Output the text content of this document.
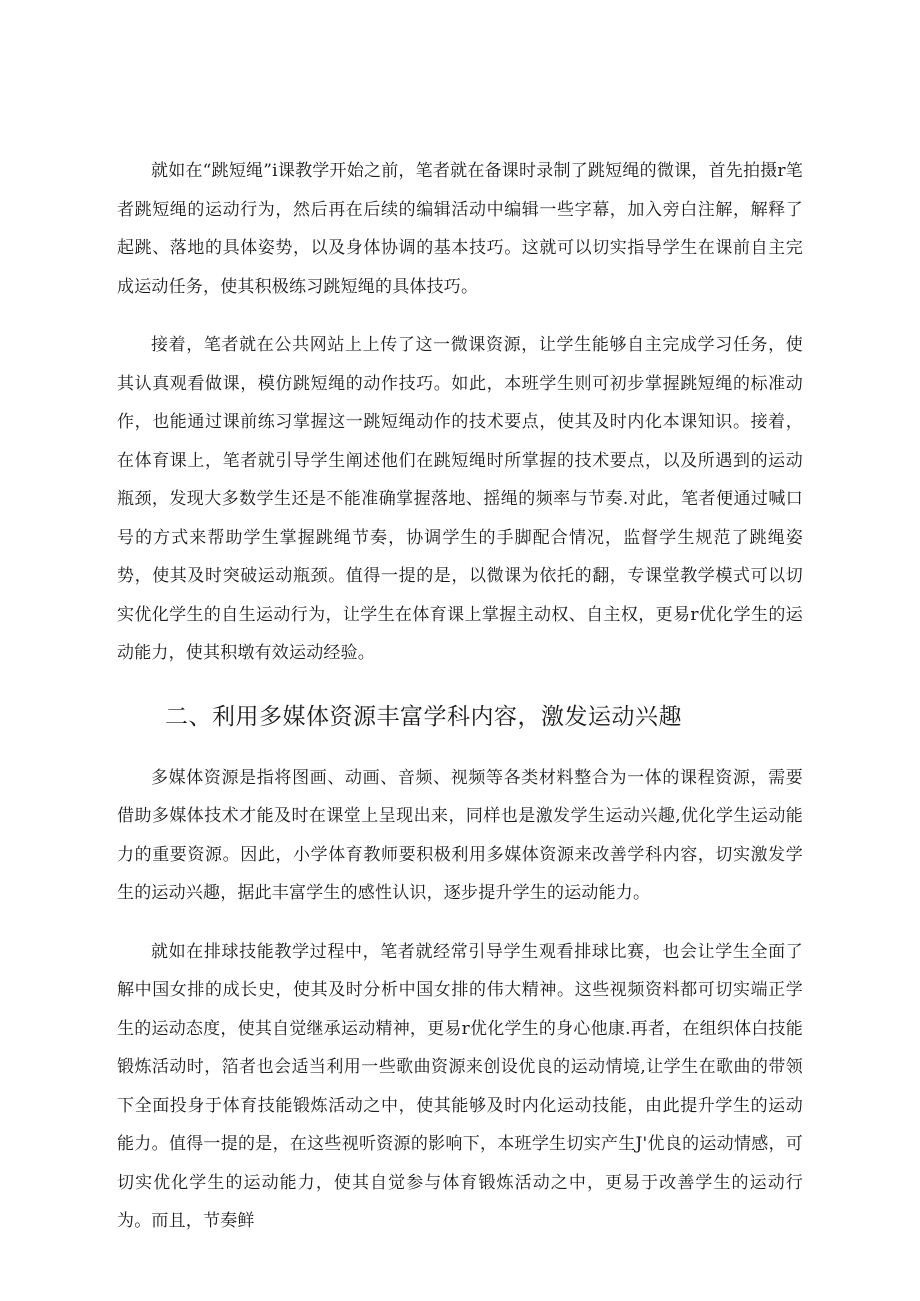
就如在“跳短绳”i课教学开始之前，笔者就在备课时录制了跳短绳的微课，首先拍摄r笔者跳短绳的运动行为，然后再在后续的编辑活动中编辑一些字幕，加入旁白注解，解释了起跳、落地的具体姿势，以及身体协调的基本技巧。这就可以切实指导学生在课前自主完成运动任务，使其积极练习跳短绳的具体技巧。

接着，笔者就在公共网站上上传了这一微课资源，让学生能够自主完成学习任务，使其认真观看做课，模仿跳短绳的动作技巧。如此，本班学生则可初步掌握跳短绳的标准动作，也能通过课前练习掌握这一跳短绳动作的技术要点，使其及时内化本课知识。接着，在体育课上，笔者就引导学生阐述他们在跳短绳时所掌握的技术要点，以及所遇到的运动瓶颈，发现大多数学生还是不能准确掌握落地、摇绳的频率与节奏.对此，笔者便通过喊口号的方式来帮助学生掌握跳绳节奏，协调学生的手脚配合情况，监督学生规范了跳绳姿势，使其及时突破运动瓶颈。值得一提的是，以微课为依托的翻，专课堂教学模式可以切实优化学生的自生运动行为，让学生在体育课上掌握主动权、自主权，更易r优化学生的运动能力，使其积墩有效运动经验。

二、利用多媒体资源丰富学科内容，激发运动兴趣

多媒体资源是指将图画、动画、音频、视频等各类材料整合为一体的课程资源，需要借助多媒体技术才能及时在课堂上呈现出来，同样也是激发学生运动兴趣,优化学生运动能力的重要资源。因此，小学体育教师要积极利用多媒体资源来改善学科内容，切实激发学生的运动兴趣，据此丰富学生的感性认识，逐步提升学生的运动能力。

就如在排球技能教学过程中，笔者就经常引导学生观看排球比赛，也会让学生全面了解中国女排的成长史，使其及时分析中国女排的伟大精神。这些视频资料都可切实端正学生的运动态度，使其自觉继承运动精神，更易r优化学生的身心他康.再者，在组织体白技能锻炼活动时，箔者也会适当利用一些歌曲资源来创设优良的运动情境,让学生在歌曲的带领下全面投身于体育技能锻炼活动之中，使其能够及时内化运动技能，由此提升学生的运动能力。值得一提的是，在这些视听资源的影响下，本班学生切实产生J'优良的运动情感，可切实优化学生的运动能力，使其自觉参与体育锻炼活动之中，更易于改善学生的运动行为。而且，节奏鲜
